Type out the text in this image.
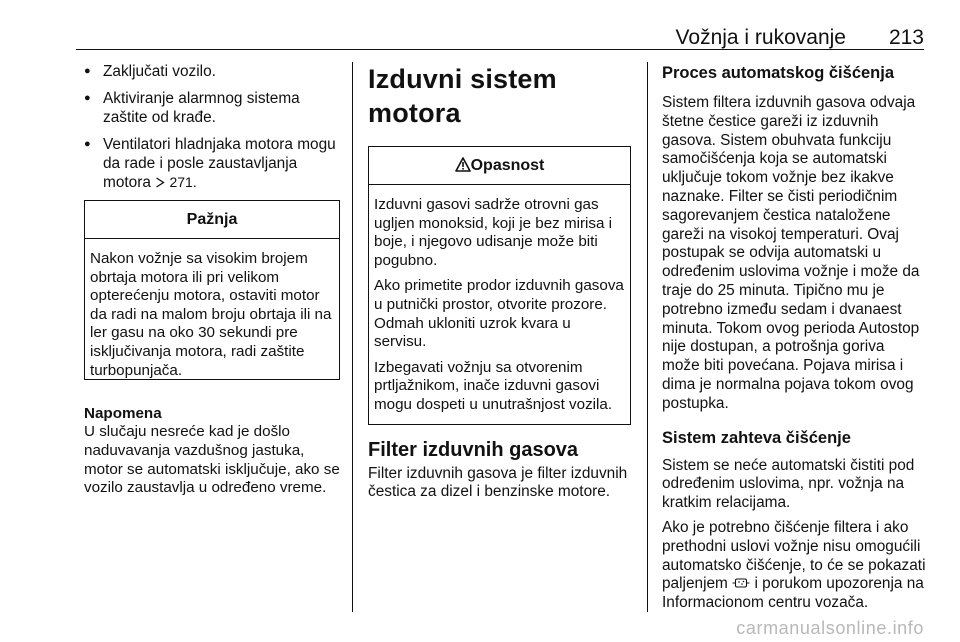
Vožnja i rukovanje 213
● Zaključati vozilo.
● Aktiviranje alarmnog sistema zaštite od krađe.
● Ventilatori hladnjaka motora mogu da rade i posle zaustavljanja motora 271.
Pažnja
Nakon vožnje sa visokim brojem obrtaja motora ili pri velikom opterećenju motora, ostaviti motor da radi na malom broju obrtaja ili na ler gasu na oko 30 sekundi pre isključivanja motora, radi zaštite turbopunjača.
Napomena

U slučaju nesreće kad je došlo naduvavanja vazdušnog jastuka, motor se automatski isključuje, ako se vozilo zaustavlja u određeno vreme.

Izduvni sistem motora
Opasnost

Izduvni gasovi sadrže otrovni gas ugljen monoksid, koji je bez mirisa i boje, i njegovo udisanje može biti pogubno.

Ako primetite prodor izduvnih gasova u putnički prostor, otvorite prozore. Odmah ukloniti uzrok kvara u servisu.

Izbegavati vožnju sa otvorenim prtljažnikom, inače izduvni gasovi mogu dospeti u unutrašnjost vozila.

Filter izduvnih gasova

Filter izduvnih gasova je filter izduvnih čestica za dizel i benzinske motore.

Proces automatskog čišćenja

Sistem filtera izduvnih gasova odvaja štetne čestice gareži iz izduvnih gasova. Sistem obuhvata funkciju samočišćenja koja se automatski uključuje tokom vožnje bez ikakve naznake. Filter se čisti periodičnim sagorevanjem čestica nataložene gareži na visokoj temperaturi. Ovaj postupak se odvija automatski u određenim uslovima vožnje i može da traje do 25 minuta. Tipično mu je potrebno između sedam i dvanaest minuta. Tokom ovog perioda Autostop nije dostupan, a potrošnja goriva može biti povećana. Pojava mirisa i dima je normalna pojava tokom ovog postupka.

Sistem zahteva čišćenje

Sistem se neće automatski čistiti pod određenim uslovima, npr. vožnja na kratkim relacijama.

Ako je potrebno čišćenje filtera i ako prethodni uslovi vožnje nisu omogućili automatsko čišćenje, to će se pokazati paljenjem i porukom upozorenja na Informacionom centru vozača.

carmanualsonline.info
